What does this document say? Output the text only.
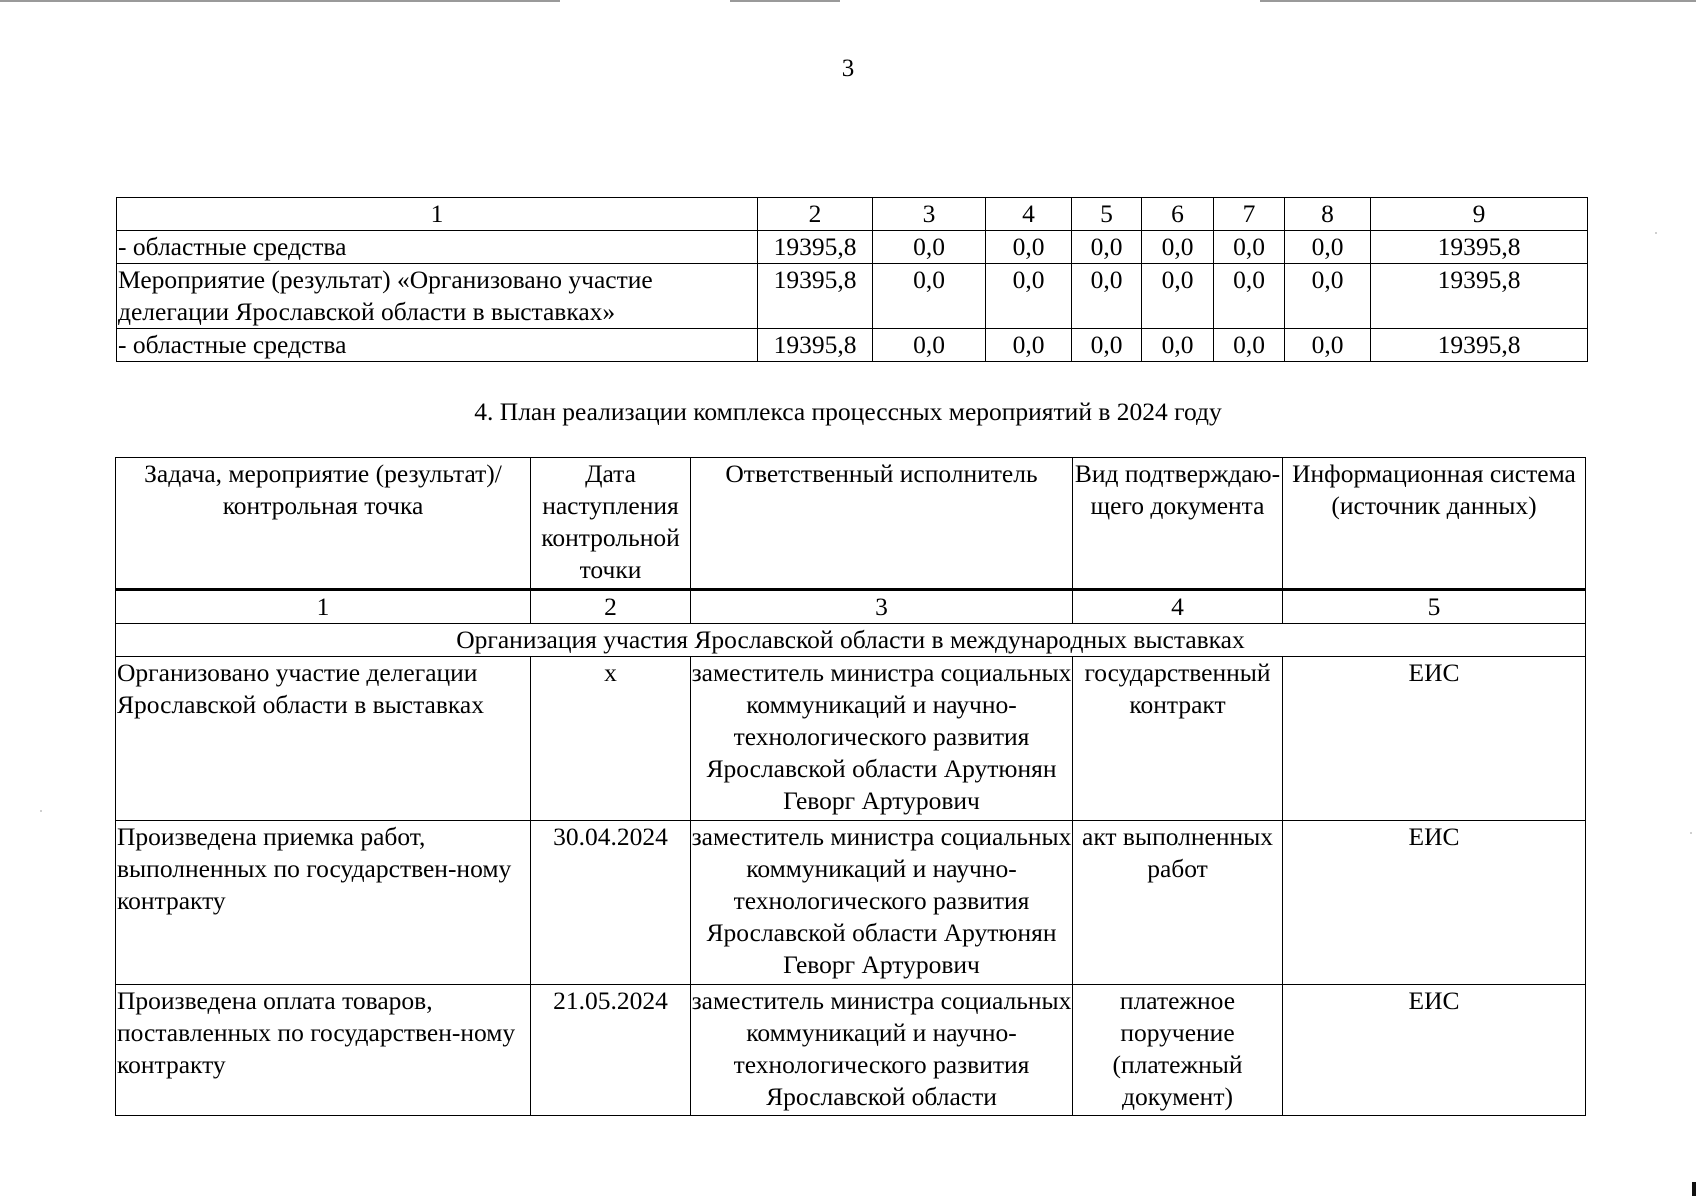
3
1	2	3	4	5	6	7	8	9
- областные средства	19395,8	0,0	0,0	0,0	0,0	0,0	0,0	19395,8
Мероприятие (результат) «Организовано участие делегации Ярославской области в выставках»	19395,8	0,0	0,0	0,0	0,0	0,0	0,0	19395,8
- областные средства	19395,8	0,0	0,0	0,0	0,0	0,0	0,0	19395,8
4. План реализации комплекса процессных мероприятий в 2024 году
Задача, мероприятие (результат)/ контрольная точка	Дата наступления контрольной точки	Ответственный исполнитель	Вид подтверждаю-щего документа	Информационная система (источник данных)
1	2	3	4	5
Организация участия Ярославской области в международных выставках				
Организовано участие делегации Ярославской области в выставках	х	заместитель министра социальных коммуникаций и научно-технологического развития Ярославской области Арутюнян Геворг Артурович	государственный контракт	ЕИС
Произведена приемка работ, выполненных по государствен-ному контракту	30.04.2024	заместитель министра социальных коммуникаций и научно-технологического развития Ярославской области Арутюнян Геворг Артурович	акт выполненных работ	ЕИС
Произведена оплата товаров, поставленных по государствен-ному контракту	21.05.2024	заместитель министра социальных коммуникаций и научно-технологического развития Ярославской области	платежное поручение (платежный документ)	ЕИС
